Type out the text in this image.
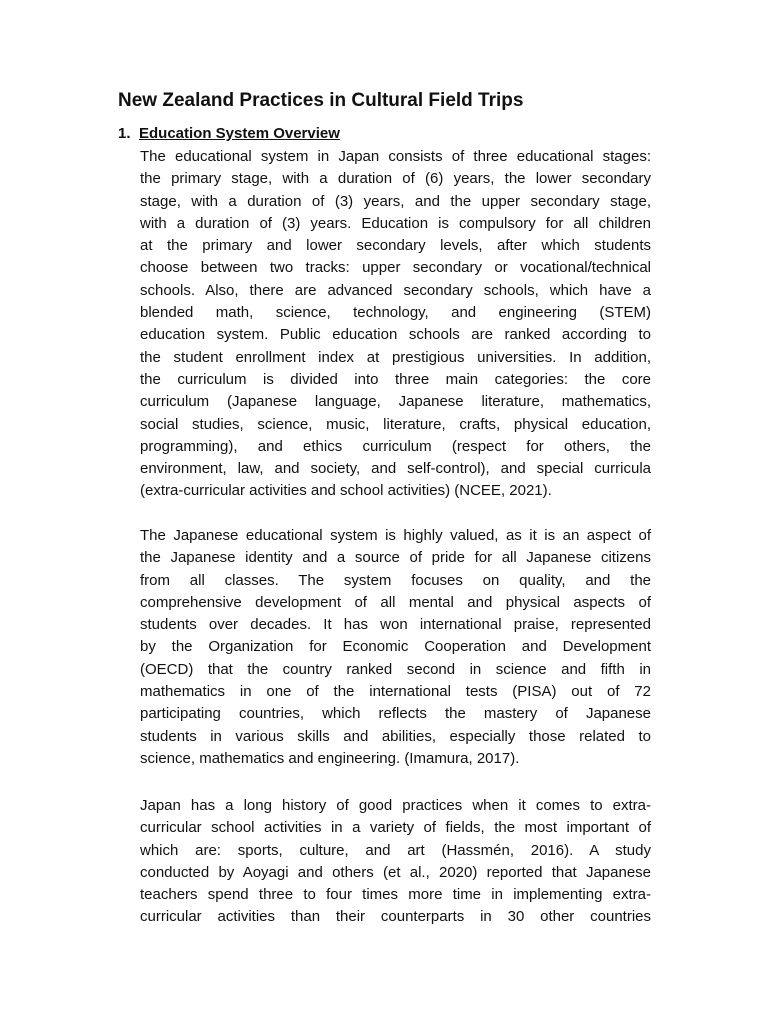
New Zealand Practices in Cultural Field Trips
1. Education System Overview
The educational system in Japan consists of three educational stages:
the primary stage, with a duration of (6) years, the lower secondary
stage, with a duration of (3) years, and the upper secondary stage,
with a duration of (3) years. Education is compulsory for all children
at the primary and lower secondary levels, after which students
choose between two tracks: upper secondary or vocational/technical
schools. Also, there are advanced secondary schools, which have a
blended math, science, technology, and engineering (STEM)
education system. Public education schools are ranked according to
the student enrollment index at prestigious universities. In addition,
the curriculum is divided into three main categories: the core
curriculum (Japanese language, Japanese literature, mathematics,
social studies, science, music, literature, crafts, physical education,
programming), and ethics curriculum (respect for others, the
environment, law, and society, and self-control), and special curricula
(extra-curricular activities and school activities) (NCEE, 2021).
The Japanese educational system is highly valued, as it is an aspect of
the Japanese identity and a source of pride for all Japanese citizens
from all classes. The system focuses on quality, and the
comprehensive development of all mental and physical aspects of
students over decades. It has won international praise, represented
by the Organization for Economic Cooperation and Development
(OECD) that the country ranked second in science and fifth in
mathematics in one of the international tests (PISA) out of 72
participating countries, which reflects the mastery of Japanese
students in various skills and abilities, especially those related to
science, mathematics and engineering. (Imamura, 2017).
Japan has a long history of good practices when it comes to extra-
curricular school activities in a variety of fields, the most important of
which are: sports, culture, and art (Hassmén, 2016). A study
conducted by Aoyagi and others (et al., 2020) reported that Japanese
teachers spend three to four times more time in implementing extra-
curricular activities than their counterparts in 30 other countries
